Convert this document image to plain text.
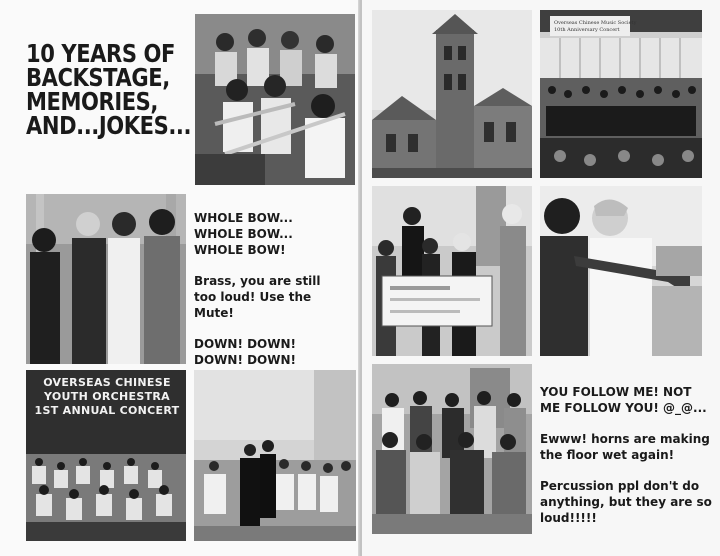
10 YEARS OF
BACKSTAGE,
MEMORIES,
AND...JOKES...

WHOLE BOW... WHOLE BOW... WHOLE BOW!

Brass, you are still too loud! Use the Mute!

DOWN! DOWN! DOWN! DOWN!

OVERSEAS CHINESE
YOUTH ORCHESTRA
1ST ANNUAL CONCERT
Overseas Chinese Music Society
10th Anniversary Concert

YOU FOLLOW ME! NOT ME FOLLOW YOU! @_@...

Ewww! horns are making the floor wet again!

Percussion ppl don't do anything, but they are so loud!!!!!
